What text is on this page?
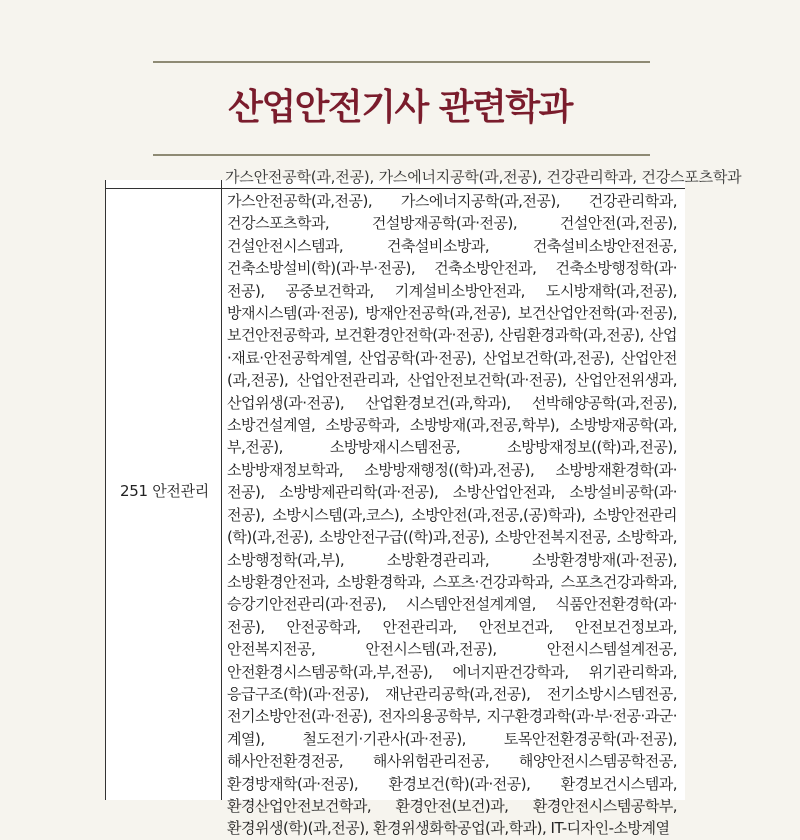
산업안전기사 관련학과
가스안전공학(과,전공), 가스에너지공학(과,전공), 건강관리학과, 건강스포츠학과
251 안전관리
가스안전공학(과,전공), 가스에너지공학(과,전공), 건강관리학과, 건강스포츠학과, 건설방재공학(과·전공), 건설안전(과,전공), 건설안전시스템과, 건축설비소방과, 건축설비소방안전전공, 건축소방설비(학)(과·부·전공), 건축소방안전과, 건축소방행정학(과·전공), 공중보건학과, 기계설비소방안전과, 도시방재학(과,전공), 방재시스템(과·전공), 방재안전공학(과,전공), 보건산업안전학(과·전공), 보건안전공학과, 보건환경안전학(과·전공), 산림환경과학(과,전공), 산업·재료·안전공학계열, 산업공학(과·전공), 산업보건학(과,전공), 산업안전(과,전공), 산업안전관리과, 산업안전보건학(과·전공), 산업안전위생과, 산업위생(과·전공), 산업환경보건(과,학과), 선박해양공학(과,전공), 소방건설계열, 소방공학과, 소방방재(과,전공,학부), 소방방재공학(과,부,전공), 소방방재시스템전공, 소방방재정보((학)과,전공), 소방방재정보학과, 소방방재행정((학)과,전공), 소방방재환경학(과·전공), 소방방제관리학(과·전공), 소방산업안전과, 소방설비공학(과·전공), 소방시스템(과,코스), 소방안전(과,전공,(공)학과), 소방안전관리(학)(과,전공), 소방안전구급((학)과,전공), 소방안전복지전공, 소방학과, 소방행정학(과,부), 소방환경관리과, 소방환경방재(과·전공), 소방환경안전과, 소방환경학과, 스포츠·건강과학과, 스포츠건강과학과, 승강기안전관리(과·전공), 시스템안전설계계열, 식품안전환경학(과·전공), 안전공학과, 안전관리과, 안전보건과, 안전보건정보과, 안전복지전공, 안전시스템(과,전공), 안전시스템설계전공, 안전환경시스템공학(과,부,전공), 에너지판건강학과, 위기관리학과, 응급구조(학)(과·전공), 재난관리공학(과,전공), 전기소방시스템전공, 전기소방안전(과·전공), 전자의용공학부, 지구환경과학(과·부·전공·과군·계열), 철도전기·기관사(과·전공), 토목안전환경공학(과·전공), 해사안전환경전공, 해사위험관리전공, 해양안전시스템공학전공, 환경방재학(과·전공), 환경보건(학)(과·전공), 환경보건시스템과, 환경산업안전보건학과, 환경안전(보건)과, 환경안전시스템공학부, 환경위생(학)(과,전공), 환경위생화학공업(과,학과), IT-디자인-소방계열
